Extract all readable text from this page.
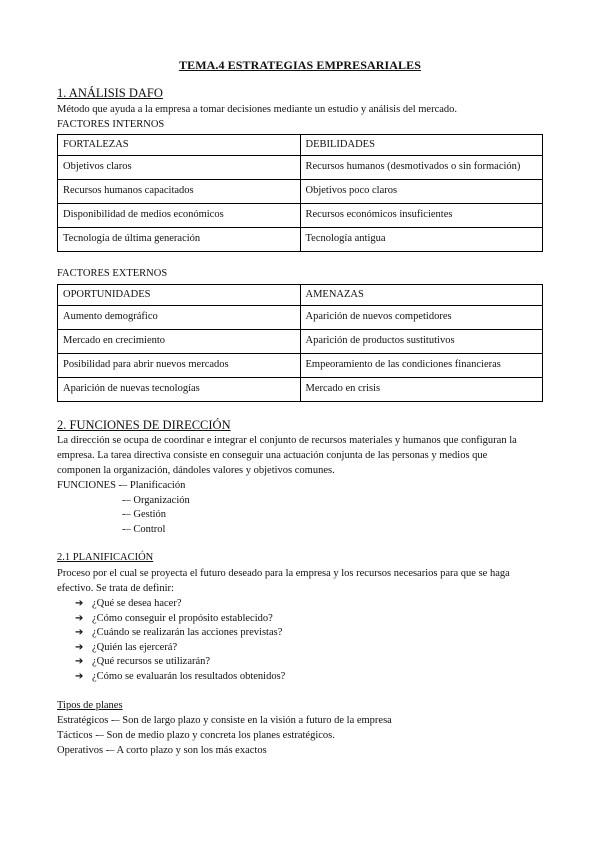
TEMA.4 ESTRATEGIAS EMPRESARIALES
1. ANÁLISIS DAFO
Método que ayuda a la empresa a tomar decisiones mediante un estudio y análisis del mercado.
FACTORES INTERNOS
FORTALEZAS	DEBILIDADES
Objetivos claros	Recursos humanos (desmotivados o sin formación)
Recursos humanos capacitados	Objetivos poco claros
Disponibilidad de medios económicos	Recursos económicos insuficientes
Tecnología de última generación	Tecnología antigua
FACTORES EXTERNOS
OPORTUNIDADES	AMENAZAS
Aumento demográfico	Aparición de nuevos competidores
Mercado en crecimiento	Aparición de productos sustitutivos
Posibilidad para abrir nuevos mercados	Empeoramiento de las condiciones financieras
Aparición de nuevas tecnologías	Mercado en crisis
2. FUNCIONES DE DIRECCIÓN
La dirección se ocupa de coordinar e integrar el conjunto de recursos materiales y humanos que configuran la
empresa. La tarea directiva consiste en conseguir una actuación conjunta de las personas y medios que
componen la organización, dándoles valores y objetivos comunes.
FUNCIONES -– Planificación
-– Organización
-– Gestión
-– Control
2.1 PLANIFICACIÓN
Proceso por el cual se proyecta el futuro deseado para la empresa y los recursos necesarios para que se haga
efectivo. Se trata de definir:
➔ ¿Qué se desea hacer?
➔ ¿Cómo conseguir el propósito establecido?
➔ ¿Cuándo se realizarán las acciones previstas?
➔ ¿Quién las ejercerá?
➔ ¿Qué recursos se utilizarán?
➔ ¿Cómo se evaluarán los resultados obtenidos?
Tipos de planes
Estratégicos -– Son de largo plazo y consiste en la visión a futuro de la empresa
Tácticos -– Son de medio plazo y concreta los planes estratégicos.
Operativos -– A corto plazo y son los más exactos
